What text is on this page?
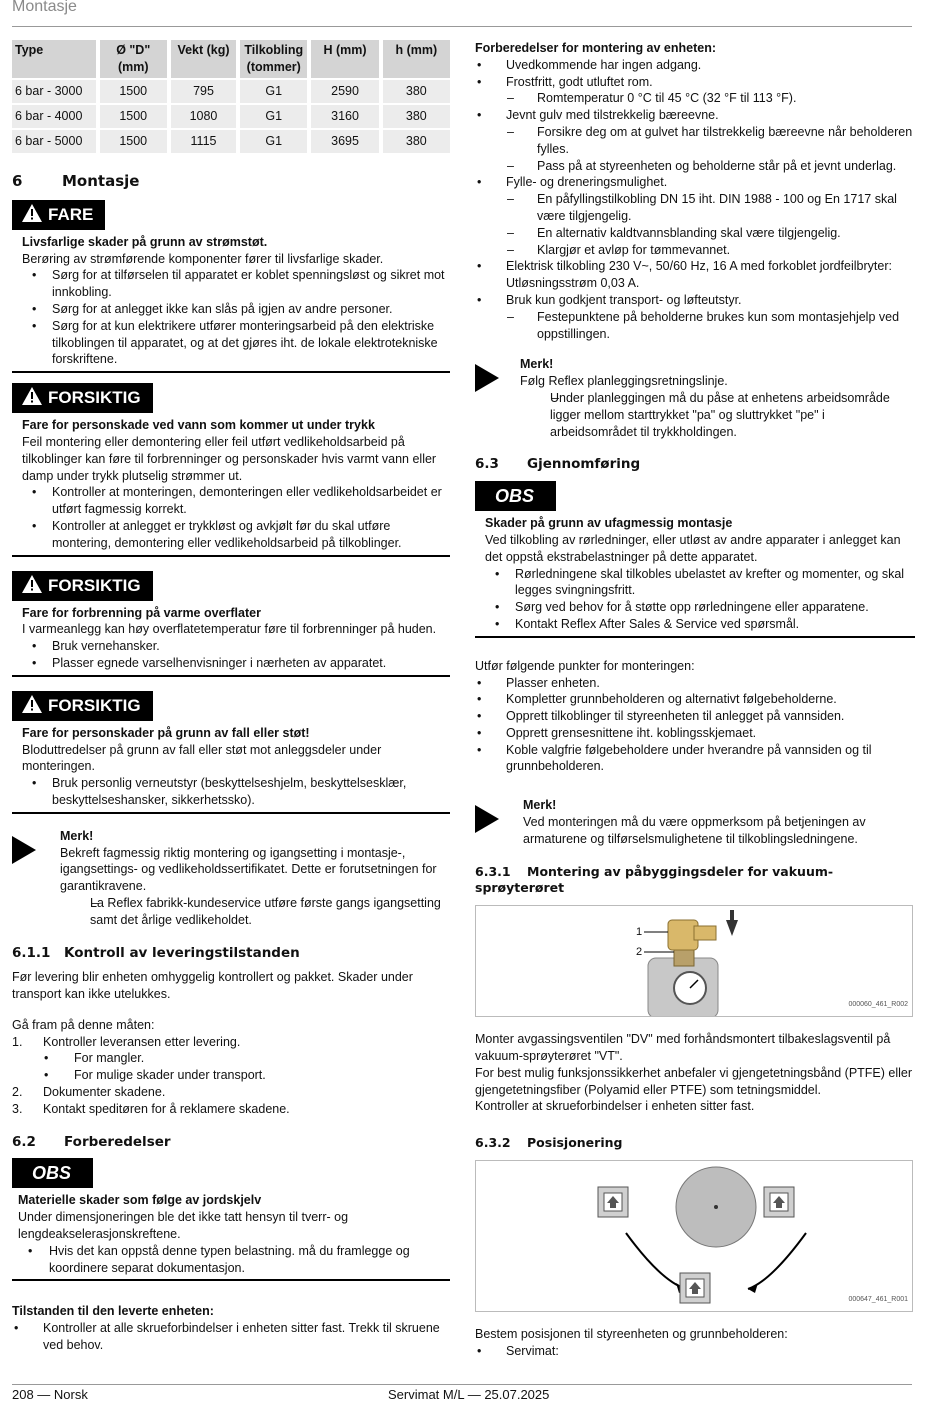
Montasje
208 — Norsk	Servimat M/L — 25.07.2025
Type	Ø "D" (mm)	Vekt (kg)	Tilkobling (tommer)	H (mm)	h (mm)
6 bar - 3000	1500	795	G1	2590	380
6 bar - 4000	1500	1080	G1	3160	380
6 bar - 5000	1500	1115	G1	3695	380
6	Montasje
FARE

Livsfarlige skader på grunn av strømstøt.

Berøring av strømførende komponenter fører til livsfarlige skader.

• Sørg for at tilførselen til apparatet er koblet spenningsløst og sikret mot innkobling.
• Sørg for at anlegget ikke kan slås på igjen av andre personer.
• Sørg for at kun elektrikere utfører monteringsarbeid på den elektriske tilkoblingen til apparatet, og at det gjøres iht. de lokale elektrotekniske forskriftene.
FORSIKTIG

Fare for personskade ved vann som kommer ut under trykk

Feil montering eller demontering eller feil utført vedlikeholdsarbeid på tilkoblinger kan føre til forbrenninger og personskader hvis varmt vann eller damp under trykk plutselig strømmer ut.

• Kontroller at monteringen, demonteringen eller vedlikeholdsarbeidet er utført fagmessig korrekt.
• Kontroller at anlegget er trykkløst og avkjølt før du skal utføre montering, demontering eller vedlikeholdsarbeid på tilkoblinger.
FORSIKTIG

Fare for forbrenning på varme overflater

I varmeanlegg kan høy overflatetemperatur føre til forbrenninger på huden.

• Bruk vernehansker.
• Plasser egnede varselhenvisninger i nærheten av apparatet.
FORSIKTIG

Fare for personskader på grunn av fall eller støt!

Bloduttredelser på grunn av fall eller støt mot anleggsdeler under monteringen.

• Bruk personlig verneutstyr (beskyttelseshjelm, beskyttelsesklær, beskyttelseshansker, sikkerhetssko).

Merk!

Bekreft fagmessig riktig montering og igangsetting i montasje-, igangsettings- og vedlikeholdssertifikatet. Dette er forutsetningen for garantikravene.

– La Reflex fabrikk-kundeservice utføre første gangs igangsetting samt det årlige vedlikeholdet.
6.1.1 Kontroll av leveringstilstanden

Før levering blir enheten omhyggelig kontrollert og pakket. Skader under transport kan ikke utelukkes.

Gå fram på denne måten:

1. Kontroller leveransen etter levering.
• For mangler.
• For mulige skader under transport.
2. Dokumenter skadene.
3. Kontakt speditøren for å reklamere skadene.
6.2 Forberedelser
OBS

Materielle skader som følge av jordskjelv

Under dimensjoneringen ble det ikke tatt hensyn til tverr- og lengdeakselerasjonskreftene.

• Hvis det kan oppstå denne typen belastning. må du framlegge og koordinere separat dokumentasjon.

Tilstanden til den leverte enheten:

• Kontroller at alle skrueforbindelser i enheten sitter fast. Trekk til skruene ved behov.

Forberedelser for montering av enheten:

• Uvedkommende har ingen adgang.
• Frostfritt, godt utluftet rom.
– Romtemperatur 0 °C til 45 °C (32 °F til 113 °F).
• Jevnt gulv med tilstrekkelig bæreevne.
– Forsikre deg om at gulvet har tilstrekkelig bæreevne når beholderen fylles.
– Pass på at styreenheten og beholderne står på et jevnt underlag.
• Fylle- og dreneringsmulighet.
– En påfyllingstilkobling DN 15 iht. DIN 1988 - 100 og En 1717 skal være tilgjengelig.
– En alternativ kaldtvannsblanding skal være tilgjengelig.
– Klargjør et avløp for tømmevannet.
• Elektrisk tilkobling 230 V~, 50/60 Hz, 16 A med forkoblet jordfeilbryter: Utløsningsstrøm 0,03 A.
• Bruk kun godkjent transport- og løfteutstyr.
– Festepunktene på beholderne brukes kun som montasjehjelp ved oppstillingen.

Merk!

Følg Reflex planleggingsretningslinje.

– Under planleggingen må du påse at enhetens arbeidsområde ligger mellom starttrykket "pa" og sluttrykket "pe" i arbeidsområdet til trykkholdingen.
6.3 Gjennomføring
OBS

Skader på grunn av ufagmessig montasje

Ved tilkobling av rørledninger, eller utløst av andre apparater i anlegget kan det oppstå ekstrabelastninger på dette apparatet.

• Rørledningene skal tilkobles ubelastet av krefter og momenter, og skal legges svingningsfritt.
• Sørg ved behov for å støtte opp rørledningene eller apparatene.
• Kontakt Reflex After Sales & Service ved spørsmål.

Utfør følgende punkter for monteringen:

• Plasser enheten.
• Kompletter grunnbeholderen og alternativt følgebeholderne.
• Opprett tilkoblinger til styreenheten til anlegget på vannsiden.
• Opprett grensesnittene iht. koblingsskjemaet.
• Koble valgfrie følgebeholdere under hverandre på vannsiden og til grunnbeholderen.

Merk!

Ved monteringen må du være oppmerksom på betjeningen av armaturene og tilførselsmulighetene til tilkoblingsledningene.

6.3.1 Montering av påbyggingsdeler for vakuum-sprøyterøret
1
2
000060_461_R002

Monter avgassingsventilen "DV" med forhåndsmontert tilbakeslagsventil på vakuum-sprøyterøret "VT".

For best mulig funksjonssikkerhet anbefaler vi gjengetetningsbånd (PTFE) eller gjengetetningsfiber (Polyamid eller PTFE) som tetningsmiddel.

Kontroller at skrueforbindelser i enheten sitter fast.

6.3.2 Posisjonering
000647_461_R001

Bestem posisjonen til styreenheten og grunnbeholderen:

• Servimat:
